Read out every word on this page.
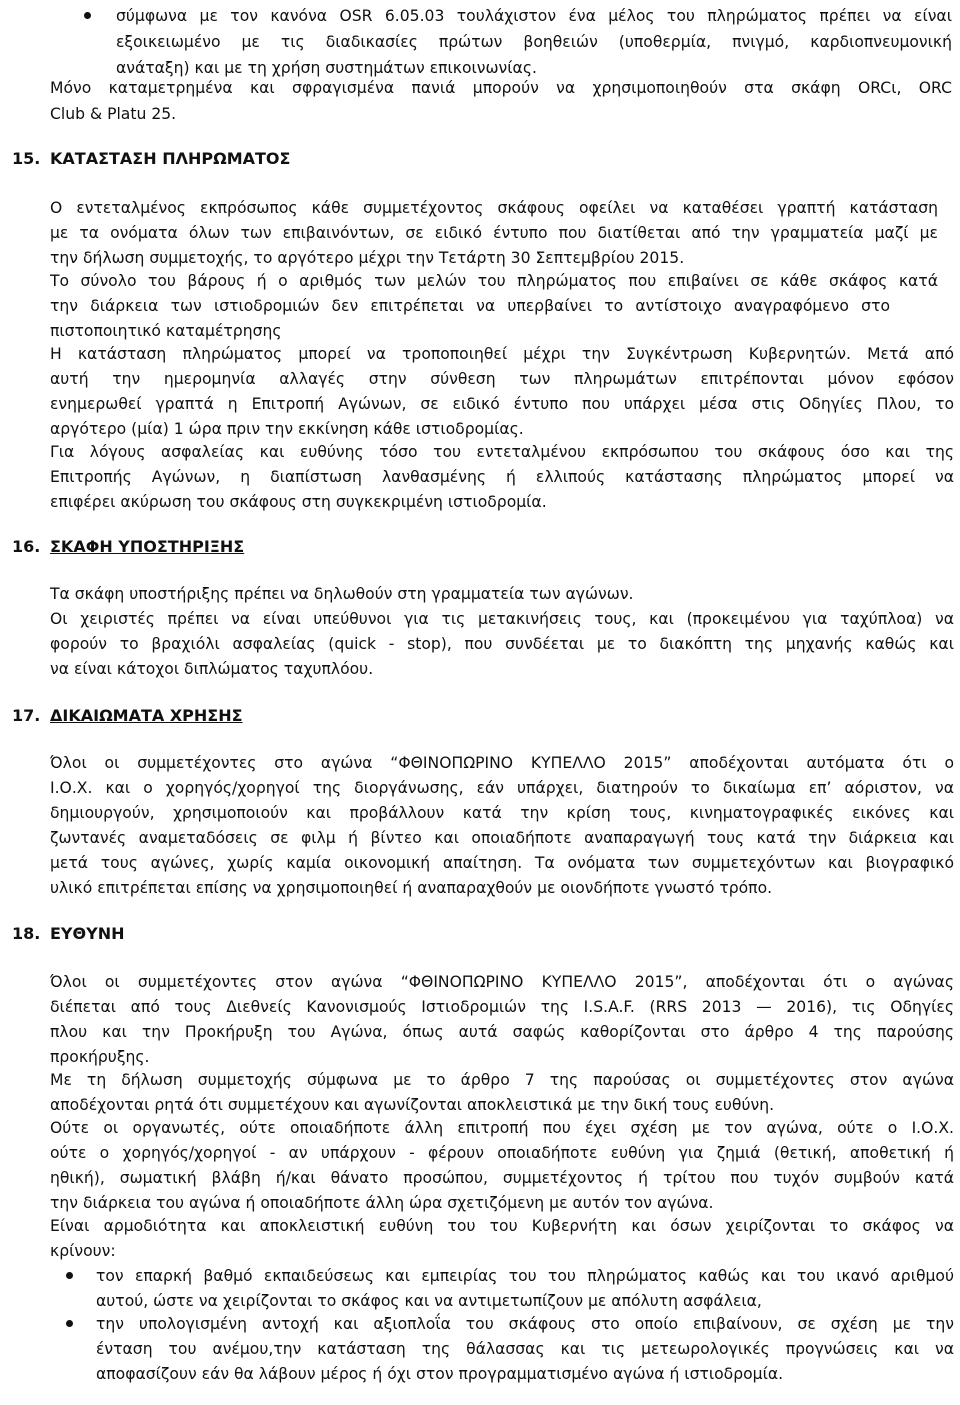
σύμφωνα με τον κανόνα OSR 6.05.03 τουλάχιστον ένα μέλος του πληρώματος πρέπει να είναι

εξοικειωμένο με τις διαδικασίες πρώτων βοηθειών (υποθερμία, πνιγμό, καρδιοπνευμονική

ανάταξη) και με τη χρήση συστημάτων επικοινωνίας.

Μόνο καταμετρημένα και σφραγισμένα πανιά μπορούν να χρησιμοποιηθούν στα σκάφη ORCι, ORC

Club & Platu 25.

15. ΚΑΤΑΣΤΑΣΗ ΠΛΗΡΩΜΑΤΟΣ

Ο εντεταλμένος εκπρόσωπος κάθε συμμετέχοντος σκάφους οφείλει να καταθέσει γραπτή κατάσταση

με τα ονόματα όλων των επιβαινόντων, σε ειδικό έντυπο που διατίθεται από την γραμματεία μαζί με

την δήλωση συμμετοχής, το αργότερο μέχρι την Τετάρτη 30 Σεπτεμβρίου 2015.

Το σύνολο του βάρους ή ο αριθμός των μελών του πληρώματος που επιβαίνει σε κάθε σκάφος κατά

την διάρκεια των ιστιοδρομιών δεν επιτρέπεται να υπερβαίνει το αντίστοιχο αναγραφόμενο στο

πιστοποιητικό καταμέτρησης

Η κατάσταση πληρώματος μπορεί να τροποποιηθεί μέχρι την Συγκέντρωση Κυβερνητών. Μετά από

αυτή την ημερομηνία αλλαγές στην σύνθεση των πληρωμάτων επιτρέπονται μόνον εφόσον

ενημερωθεί γραπτά η Επιτροπή Αγώνων, σε ειδικό έντυπο που υπάρχει μέσα στις Οδηγίες Πλου, το

αργότερο (μία) 1 ώρα πριν την εκκίνηση κάθε ιστιοδρομίας.

Για λόγους ασφαλείας και ευθύνης τόσο του εντεταλμένου εκπρόσωπου του σκάφους όσο και της

Επιτροπής Αγώνων, η διαπίστωση λανθασμένης ή ελλιπούς κατάστασης πληρώματος μπορεί να

επιφέρει ακύρωση του σκάφους στη συγκεκριμένη ιστιοδρομία.

16. ΣΚΑΦΗ ΥΠΟΣΤΗΡΙΞΗΣ

Τα σκάφη υποστήριξης πρέπει να δηλωθούν στη γραμματεία των αγώνων.

Οι χειριστές πρέπει να είναι υπεύθυνοι για τις μετακινήσεις τους, και (προκειμένου για ταχύπλοα) να

φορούν το βραχιόλι ασφαλείας (quick - stop), που συνδέεται με το διακόπτη της μηχανής καθώς και

να είναι κάτοχοι διπλώματος ταχυπλόου.

17. ΔΙΚΑΙΩΜΑΤΑ ΧΡΗΣΗΣ

Όλοι οι συμμετέχοντες στο αγώνα “ΦΘΙΝΟΠΩΡΙΝΟ ΚΥΠΕΛΛΟ 2015” αποδέχονται αυτόματα ότι ο

Ι.Ο.Χ. και ο χορηγός/χορηγοί της διοργάνωσης, εάν υπάρχει, διατηρούν το δικαίωμα επ’ αόριστον, να

δημιουργούν, χρησιμοποιούν και προβάλλουν κατά την κρίση τους, κινηματογραφικές εικόνες και

ζωντανές αναμεταδόσεις σε φιλμ ή βίντεο και οποιαδήποτε αναπαραγωγή τους κατά την διάρκεια και

μετά τους αγώνες, χωρίς καμία οικονομική απαίτηση. Τα ονόματα των συμμετεχόντων και βιογραφικό

υλικό επιτρέπεται επίσης να χρησιμοποιηθεί ή αναπαραχθούν με οιονδήποτε γνωστό τρόπο.

18. ΕΥΘΥΝΗ

Όλοι οι συμμετέχοντες στον αγώνα “ΦΘΙΝΟΠΩΡΙΝΟ ΚΥΠΕΛΛΟ 2015”, αποδέχονται ότι ο αγώνας

διέπεται από τους Διεθνείς Κανονισμούς Ιστιοδρομιών της I.S.A.F. (RRS 2013 — 2016), τις Οδηγίες

πλου και την Προκήρυξη του Αγώνα, όπως αυτά σαφώς καθορίζονται στο άρθρο 4 της παρούσης

προκήρυξης.

Με τη δήλωση συμμετοχής σύμφωνα με το άρθρο 7 της παρούσας οι συμμετέχοντες στον αγώνα

αποδέχονται ρητά ότι συμμετέχουν και αγωνίζονται αποκλειστικά με την δική τους ευθύνη.

Ούτε οι οργανωτές, ούτε οποιαδήποτε άλλη επιτροπή που έχει σχέση με τον αγώνα, ούτε ο Ι.Ο.Χ.

ούτε ο χορηγός/χορηγοί - αν υπάρχουν - φέρουν οποιαδήποτε ευθύνη για ζημιά (θετική, αποθετική ή

ηθική), σωματική βλάβη ή/και θάνατο προσώπου, συμμετέχοντος ή τρίτου που τυχόν συμβούν κατά

την διάρκεια του αγώνα ή οποιαδήποτε άλλη ώρα σχετιζόμενη με αυτόν τον αγώνα.

Είναι αρμοδιότητα και αποκλειστική ευθύνη του του Κυβερνήτη και όσων χειρίζονται το σκάφος να

κρίνουν:

τον επαρκή βαθμό εκπαιδεύσεως και εμπειρίας του του πληρώματος καθώς και του ικανό αριθμού

αυτού, ώστε να χειρίζονται το σκάφος και να αντιμετωπίζουν με απόλυτη ασφάλεια,

την υπολογισμένη αντοχή και αξιοπλοΐα του σκάφους στο οποίο επιβαίνουν, σε σχέση με την

ένταση του ανέμου,την κατάσταση της θάλασσας και τις μετεωρολογικές προγνώσεις και να

αποφασίζουν εάν θα λάβουν μέρος ή όχι στον προγραμματισμένο αγώνα ή ιστιοδρομία.
